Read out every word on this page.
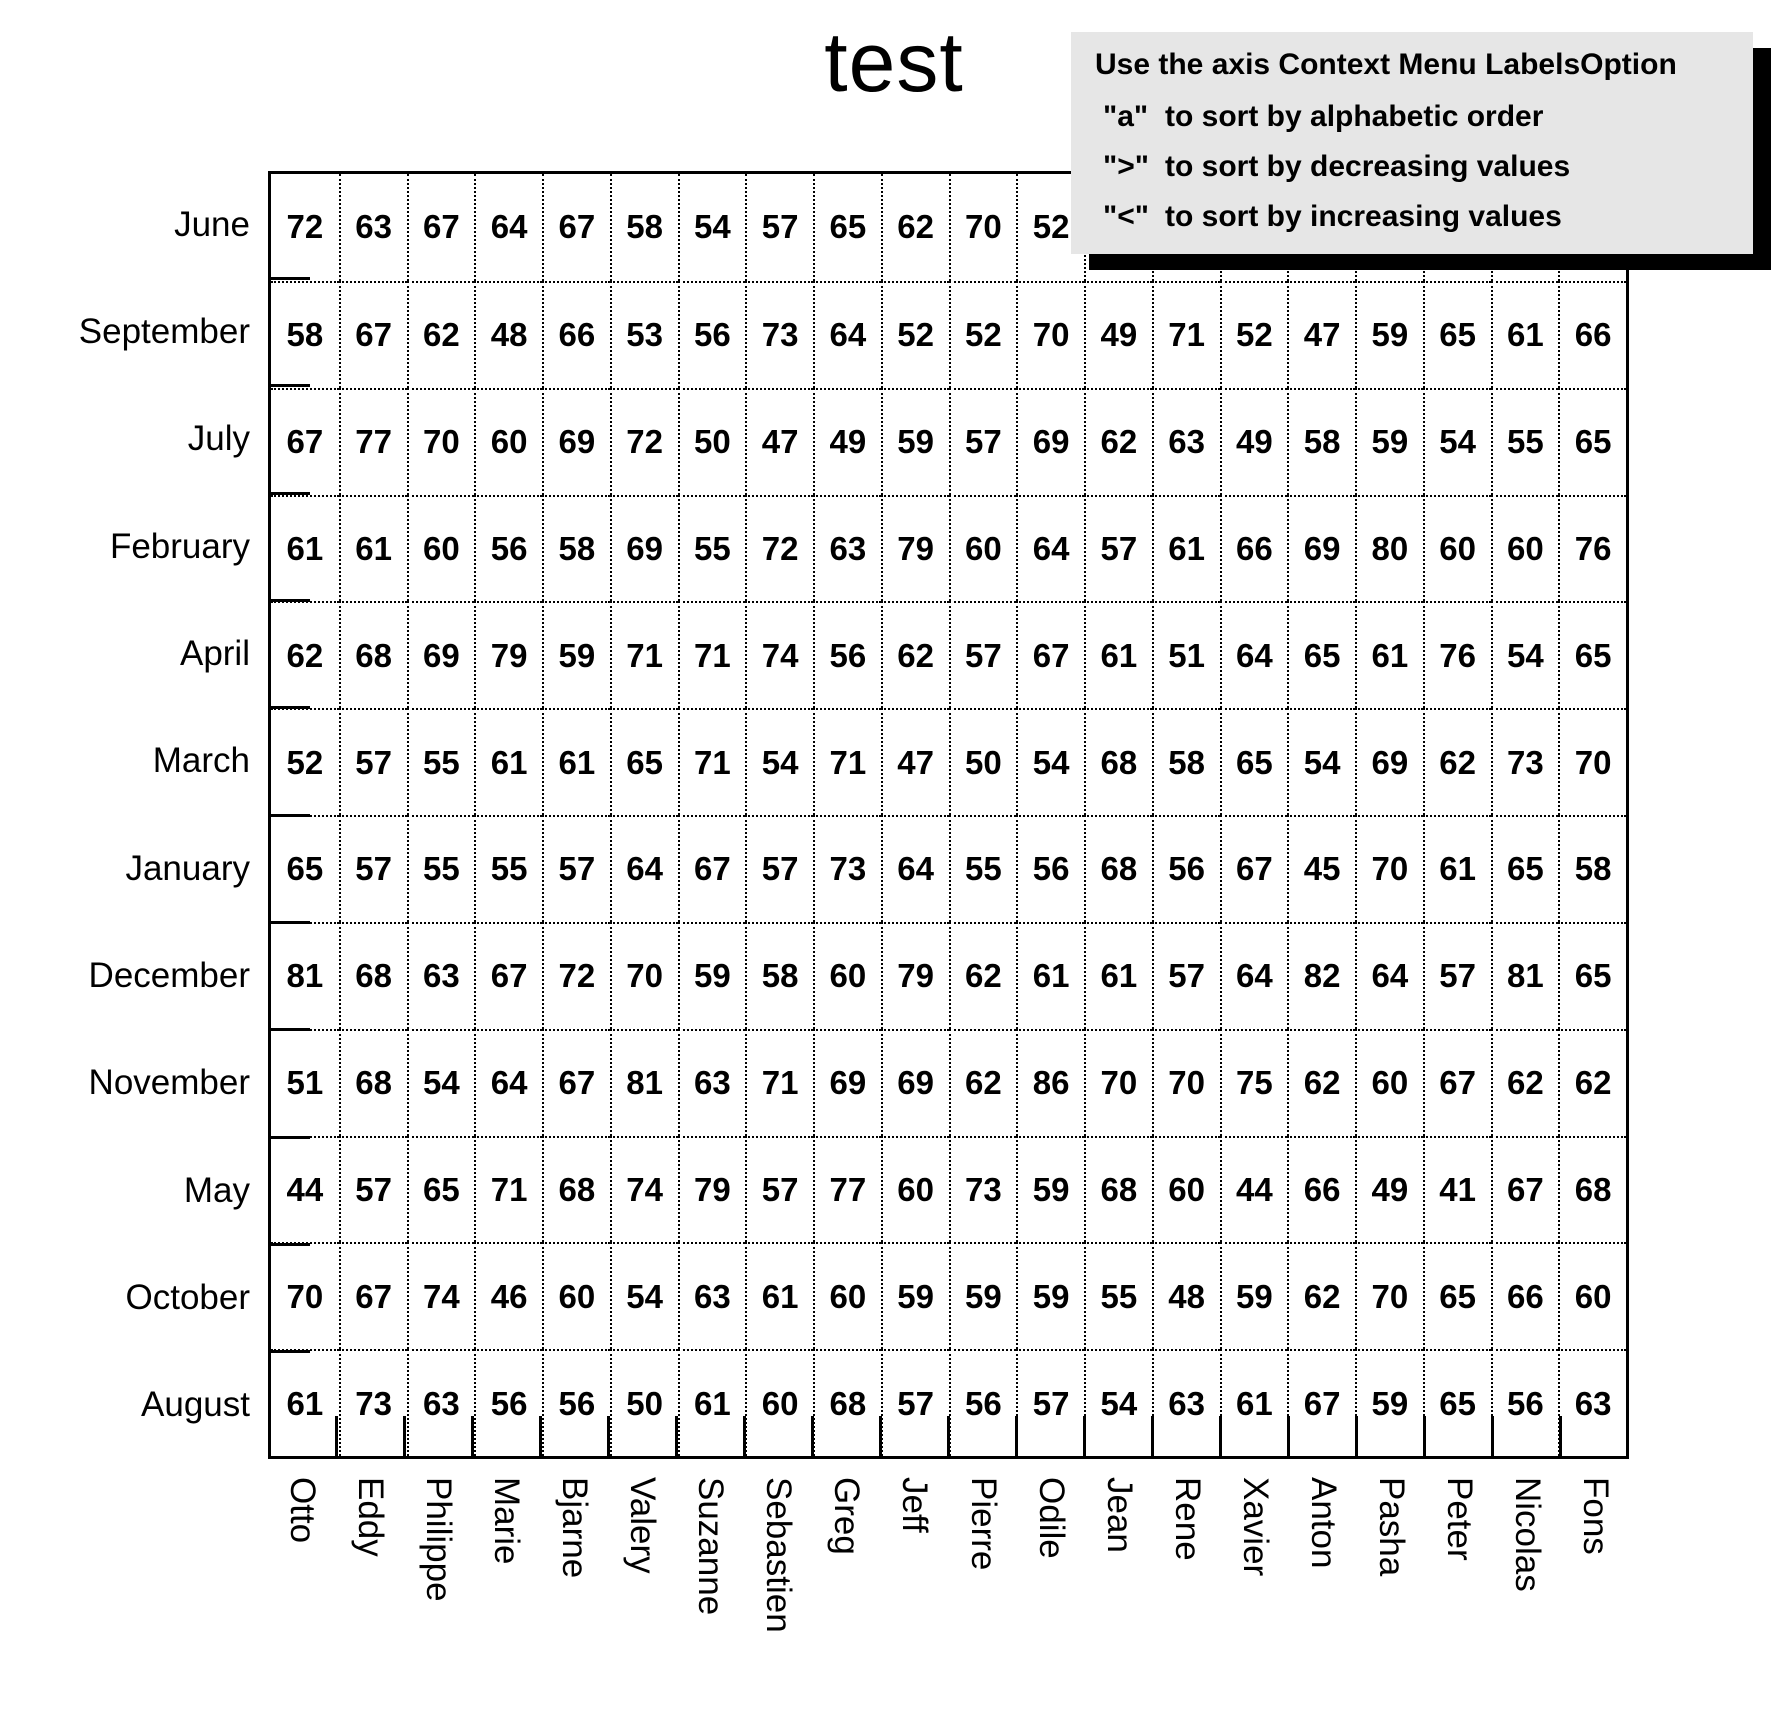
test	Use the axis Context Menu LabelsOption
"a" to sort by alphabetic order
">" to sort by decreasing values
"<" to sort by increasing values
72 63 67 64 67 58 54 57 65 62 70 52
58 67 62 48 66 53 56 73 64 52 52 70 49 71 52 47 59 65 61 66
67 77 70 60 69 72 50 47 49 59 57 69 62 63 49 58 59 54 55 65
61 61 60 56 58 69 55 72 63 79 60 64 57 61 66 69 80 60 60 76
62 68 69 79 59 71 71 74 56 62 57 67 61 51 64 65 61 76 54 65
52 57 55 61 61 65 71 54 71 47 50 54 68 58 65 54 69 62 73 70
65 57 55 55 57 64 67 57 73 64 55 56 68 56 67 45 70 61 65 58
81 68 63 67 72 70 59 58 60 79 62 61 61 57 64 82 64 57 81 65
51 68 54 64 67 81 63 71 69 69 62 86 70 70 75 62 60 67 62 62
44 57 65 71 68 74 79 57 77 60 73 59 68 60 44 66 49 41 67 68
70 67 74 46 60 54 63 61 60 59 59 59 55 48 59 62 70 65 66 60
61 73 63 56 56 50 61 60 68 57 56 57 54 63 61 67 59 65 56 63
June
September
July
February
April
March
January
December
November
May
October
August
Otto Eddy Philippe Marie Bjarne Valery Suzanne Sebastien Greg Jeff Pierre Odile Jean Rene Xavier Anton Pasha Peter Nicolas Fons
